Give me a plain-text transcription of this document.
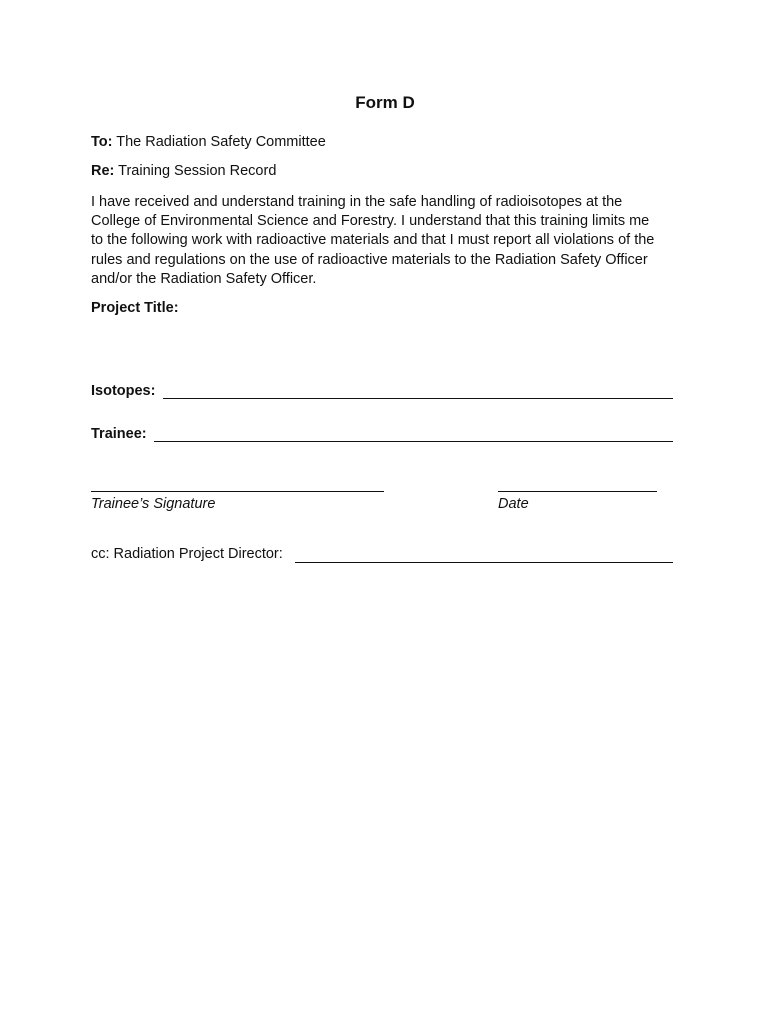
Form D
To: The Radiation Safety Committee
Re: Training Session Record
I have received and understand training in the safe handling of radioisotopes at the
College of Environmental Science and Forestry. I understand that this training limits me
to the following work with radioactive materials and that I must report all violations of the
rules and regulations on the use of radioactive materials to the Radiation Safety Officer
and/or the Radiation Safety Officer.
Project Title:
Isotopes:
Trainee:
Trainee’s Signature	Date
cc: Radiation Project Director:
